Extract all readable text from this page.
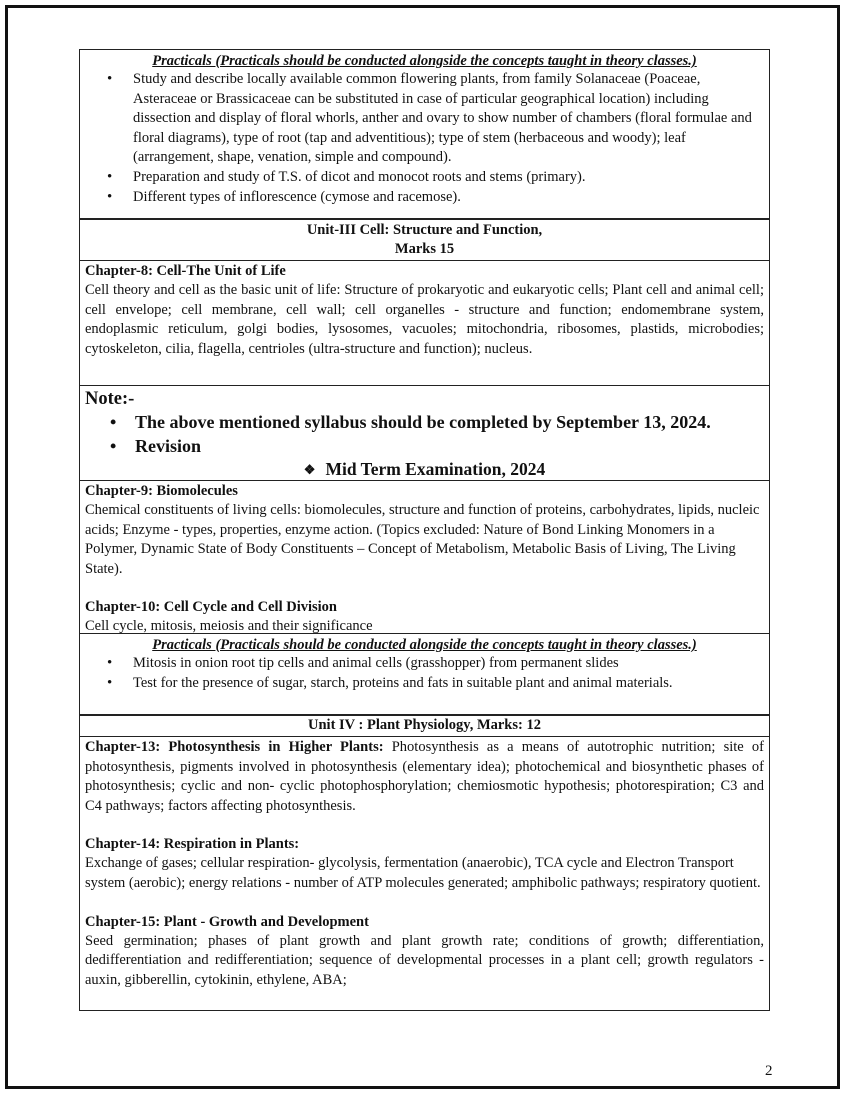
Practicals (Practicals should be conducted alongside the concepts taught in theory classes.)
• Study and describe locally available common flowering plants, from family Solanaceae (Poaceae, Asteraceae or Brassicaceae can be substituted in case of particular geographical location) including dissection and display of floral whorls, anther and ovary to show number of chambers (floral formulae and floral diagrams), type of root (tap and adventitious); type of stem (herbaceous and woody); leaf (arrangement, shape, venation, simple and compound).
• Preparation and study of T.S. of dicot and monocot roots and stems (primary).
• Different types of inflorescence (cymose and racemose).
Unit-III Cell: Structure and Function,
Marks 15
Chapter-8: Cell-The Unit of Life
Cell theory and cell as the basic unit of life: Structure of prokaryotic and eukaryotic cells; Plant cell and animal cell; cell envelope; cell membrane, cell wall; cell organelles - structure and function; endomembrane system, endoplasmic reticulum, golgi bodies, lysosomes, vacuoles; mitochondria, ribosomes, plastids, microbodies; cytoskeleton, cilia, flagella, centrioles (ultra-structure and function); nucleus.
Note:-
• The above mentioned syllabus should be completed by September 13, 2024.
• Revision
❖ Mid Term Examination, 2024
Chapter-9: Biomolecules
Chemical constituents of living cells: biomolecules, structure and function of proteins, carbohydrates, lipids, nucleic acids; Enzyme - types, properties, enzyme action. (Topics excluded: Nature of Bond Linking Monomers in a Polymer, Dynamic State of Body Constituents – Concept of Metabolism, Metabolic Basis of Living, The Living State).
Chapter-10: Cell Cycle and Cell Division
Cell cycle, mitosis, meiosis and their significance
Practicals (Practicals should be conducted alongside the concepts taught in theory classes.)
• Mitosis in onion root tip cells and animal cells (grasshopper) from permanent slides
• Test for the presence of sugar, starch, proteins and fats in suitable plant and animal materials.
Unit IV : Plant Physiology, Marks: 12
Chapter-13: Photosynthesis in Higher Plants: Photosynthesis as a means of autotrophic nutrition; site of photosynthesis, pigments involved in photosynthesis (elementary idea); photochemical and biosynthetic phases of photosynthesis; cyclic and non- cyclic photophosphorylation; chemiosmotic hypothesis; photorespiration; C3 and C4 pathways; factors affecting photosynthesis.
Chapter-14: Respiration in Plants:
Exchange of gases; cellular respiration- glycolysis, fermentation (anaerobic), TCA cycle and Electron Transport system (aerobic); energy relations - number of ATP molecules generated; amphibolic pathways; respiratory quotient.
Chapter-15: Plant - Growth and Development
Seed germination; phases of plant growth and plant growth rate; conditions of growth; differentiation, dedifferentiation and redifferentiation; sequence of developmental processes in a plant cell; growth regulators - auxin, gibberellin, cytokinin, ethylene, ABA;
2
